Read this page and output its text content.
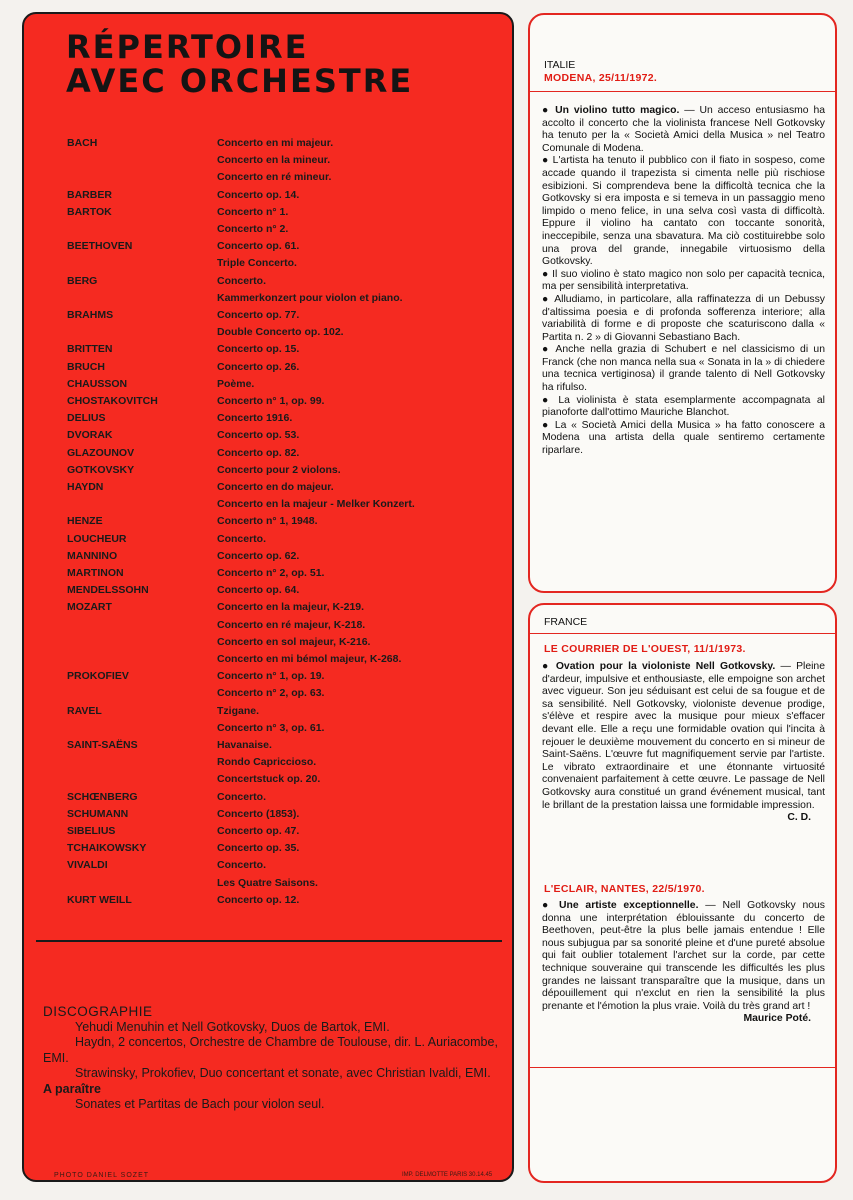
RÉPERTOIRE
AVEC ORCHESTRE
BACH	Concerto en mi majeur.
Concerto en la mineur.
Concerto en ré mineur.
BARBER	Concerto op. 14.
BARTOK	Concerto n° 1.
Concerto n° 2.
BEETHOVEN	Concerto op. 61.
Triple Concerto.
BERG	Concerto.
Kammerkonzert pour violon et piano.
BRAHMS	Concerto op. 77.
Double Concerto op. 102.
BRITTEN	Concerto op. 15.
BRUCH	Concerto op. 26.
CHAUSSON	Poème.
CHOSTAKOVITCH	Concerto n° 1, op. 99.
DELIUS	Concerto 1916.
DVORAK	Concerto op. 53.
GLAZOUNOV	Concerto op. 82.
GOTKOVSKY	Concerto pour 2 violons.
HAYDN	Concerto en do majeur.
Concerto en la majeur - Melker Konzert.
HENZE	Concerto n° 1, 1948.
LOUCHEUR	Concerto.
MANNINO	Concerto op. 62.
MARTINON	Concerto n° 2, op. 51.
MENDELSSOHN	Concerto op. 64.
MOZART	Concerto en la majeur, K-219.
Concerto en ré majeur, K-218.
Concerto en sol majeur, K-216.
Concerto en mi bémol majeur, K-268.
PROKOFIEV	Concerto n° 1, op. 19.
Concerto n° 2, op. 63.
RAVEL	Tzigane.
Concerto n° 3, op. 61.
SAINT-SAËNS	Havanaise.
Rondo Capriccioso.
Concertstuck op. 20.
SCHŒNBERG	Concerto.
SCHUMANN	Concerto (1853).
SIBELIUS	Concerto op. 47.
TCHAIKOWSKY	Concerto op. 35.
VIVALDI	Concerto.
Les Quatre Saisons.
KURT WEILL	Concerto op. 12.
DISCOGRAPHIE
Yehudi Menuhin et Nell Gotkovsky, Duos de Bartok, EMI.
Haydn, 2 concertos, Orchestre de Chambre de Toulouse, dir. L. Auriacombe, EMI.
Strawinsky, Prokofiev, Duo concertant et sonate, avec Christian Ivaldi, EMI.
A paraître
Sonates et Partitas de Bach pour violon seul.
PHOTO DANIEL SOZET	IMP. DELMOTTE PARIS 30.14.45
ITALIE
MODENA, 25/11/1972.

● Un violino tutto magico. — Un acceso entusiasmo ha accolto il concerto che la violinista francese Nell Gotkovsky ha tenuto per la « Società Amici della Musica » nel Teatro Comunale di Modena.

● L'artista ha tenuto il pubblico con il fiato in sospeso, come accade quando il trapezista si cimenta nelle più rischiose esibizioni. Si comprendeva bene la difficoltà tecnica che la Gotkovsky si era imposta e si temeva in un passaggio meno limpido o meno felice, in una selva così vasta di difficoltà. Eppure il violino ha cantato con toccante sonorità, ineccepibile, senza una sbavatura. Ma ciò costituirebbe solo una prova del grande, innegabile virtuosismo della Gotkovsky.

● Il suo violino è stato magico non solo per capacità tecnica, ma per sensibilità interpretativa.

● Alludiamo, in particolare, alla raffinatezza di un Debussy d'altissima poesia e di profonda sofferenza interiore; alla variabilità di forme e di proposte che scaturiscono dalla « Partita n. 2 » di Giovanni Sebastiano Bach.

● Anche nella grazia di Schubert e nel classicismo di un Franck (che non manca nella sua « Sonata in la » di chiedere una tecnica vertiginosa) il grande talento di Nell Gotkovsky ha rifulso.

● La violinista è stata esemplarmente accompagnata al pianoforte dall'ottimo Mauriche Blanchot.

● La « Società Amici della Musica » ha fatto conoscere a Modena una artista della quale sentiremo certamente riparlare.

FRANCE
LE COURRIER DE L'OUEST, 11/1/1973.

● Ovation pour la violoniste Nell Gotkovsky. — Pleine d'ardeur, impulsive et enthousiaste, elle empoigne son archet avec vigueur. Son jeu séduisant est celui de sa fougue et de sa sensibilité. Nell Gotkovsky, violoniste devenue prodige, s'élève et respire avec la musique pour mieux s'effacer devant elle. Elle a reçu une formidable ovation qui l'incita à rejouer le deuxième mouvement du concerto en si mineur de Saint-Saëns. L'œuvre fut magnifiquement servie par l'artiste. Le vibrato extraordinaire et une étonnante virtuosité convenaient parfaitement à cette œuvre. Le passage de Nell Gotkovsky aura constitué un grand événement musical, tant le brillant de la prestation laissa une formidable impression.

C. D.

L'ECLAIR, NANTES, 22/5/1970.

● Une artiste exceptionnelle. — Nell Gotkovsky nous donna une interprétation éblouissante du concerto de Beethoven, peut-être la plus belle jamais entendue ! Elle nous subjugua par sa sonorité pleine et d'une pureté absolue qui fait oublier totalement l'archet sur la corde, par cette technique souveraine qui transcende les difficultés les plus grandes ne laissant transparaître que la musique, dans un dépouillement qui n'exclut en rien la sensibilité la plus prenante et l'émotion la plus vraie. Voilà du très grand art !

Maurice Poté.
